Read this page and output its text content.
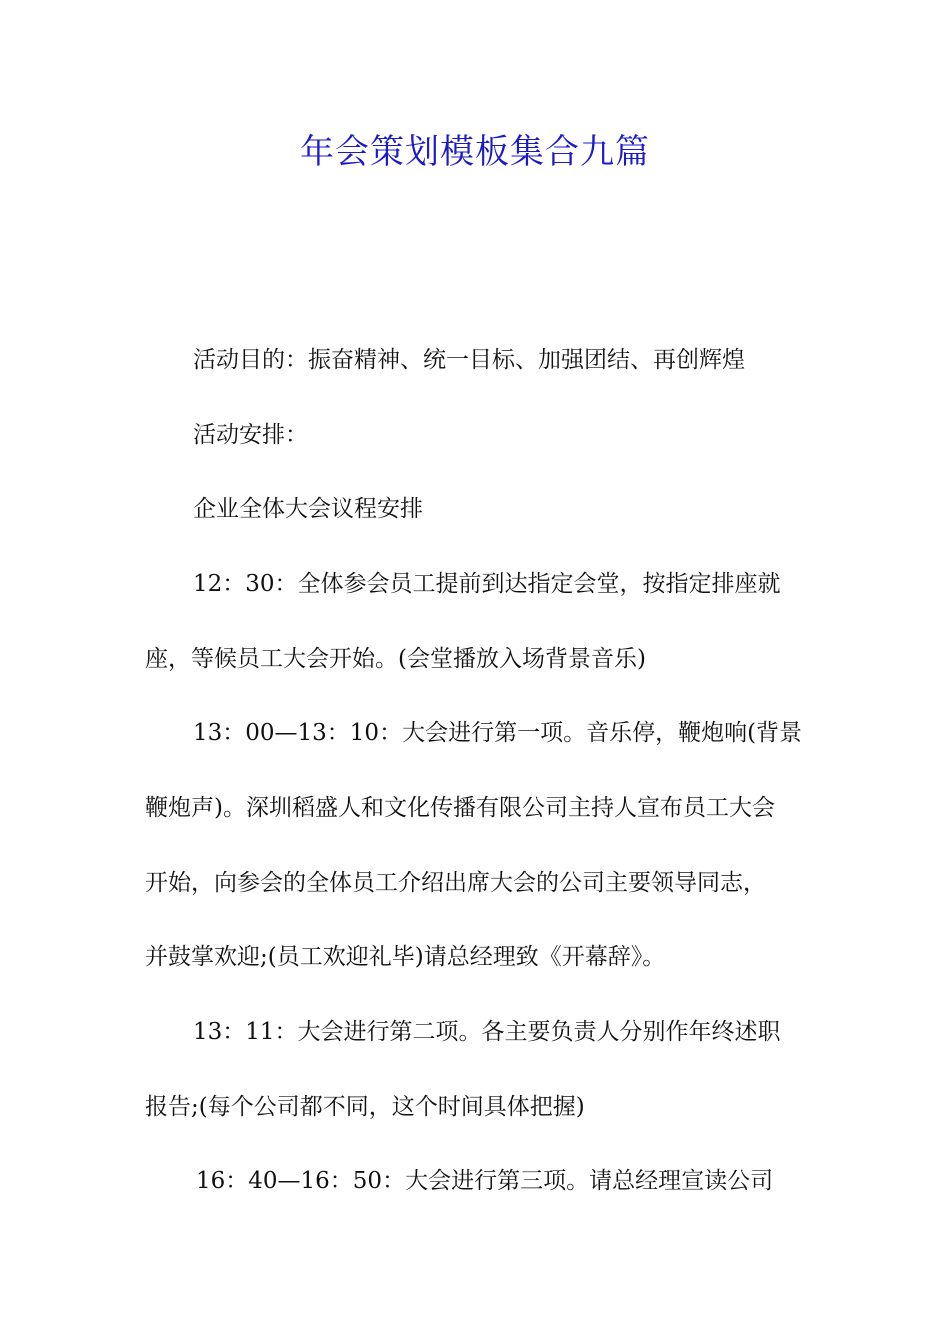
年会策划模板集合九篇
活动目的：振奋精神、统一目标、加强团结、再创辉煌
活动安排：
企业全体大会议程安排
12：30：全体参会员工提前到达指定会堂，按指定排座就
座，等候员工大会开始。(会堂播放入场背景音乐)
13：00—13：10：大会进行第一项。音乐停，鞭炮响(背景
鞭炮声)。深圳稻盛人和文化传播有限公司主持人宣布员工大会
开始，向参会的全体员工介绍出席大会的公司主要领导同志，
并鼓掌欢迎;(员工欢迎礼毕)请总经理致《开幕辞》。
13：11：大会进行第二项。各主要负责人分别作年终述职
报告;(每个公司都不同，这个时间具体把握)
16：40—16：50：大会进行第三项。请总经理宣读公司
